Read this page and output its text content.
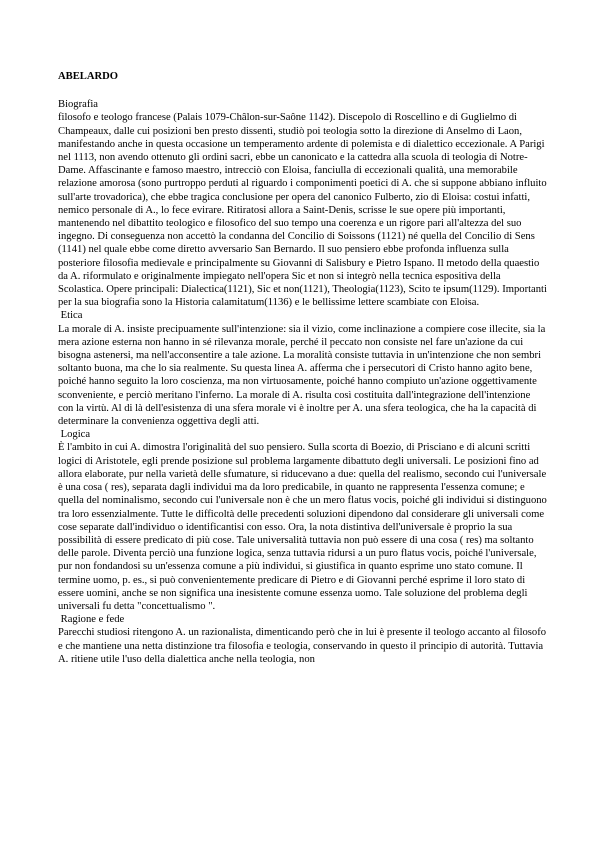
ABELARDO

Biografia

filosofo e teologo francese (Palais 1079-Châlon-sur-Saône 1142). Discepolo di Roscellino e di Guglielmo di Champeaux, dalle cui posizioni ben presto dissentì, studiò poi teologia sotto la direzione di Anselmo di Laon, manifestando anche in questa occasione un temperamento ardente di polemista e di dialettico eccezionale. A Parigi nel 1113, non avendo ottenuto gli ordini sacri, ebbe un canonicato e la cattedra alla scuola di teologia di Notre-Dame. Affascinante e famoso maestro, intrecciò con Eloisa, fanciulla di eccezionali qualità, una memorabile relazione amorosa (sono purtroppo perduti al riguardo i componimenti poetici di A. che si suppone abbiano influito sull'arte trovadorica), che ebbe tragica conclusione per opera del canonico Fulberto, zio di Eloisa: costui infatti, nemico personale di A., lo fece evirare. Ritiratosi allora a Saint-Denis, scrisse le sue opere più importanti, mantenendo nel dibattito teologico e filosofico del suo tempo una coerenza e un rigore pari all'altezza del suo ingegno. Di conseguenza non accettò la condanna del Concilio di Soissons (1121) né quella del Concilio di Sens (1141) nel quale ebbe come diretto avversario San Bernardo. Il suo pensiero ebbe profonda influenza sulla posteriore filosofia medievale e principalmente su Giovanni di Salisbury e Pietro Ispano. Il metodo della quaestio da A. riformulato e originalmente impiegato nell'opera Sic et non si integrò nella tecnica espositiva della Scolastica. Opere principali: Dialectica(1121), Sic et non(1121), Theologia(1123), Scito te ipsum(1129). Importanti per la sua biografia sono la Historia calamitatum(1136) e le bellissime lettere scambiate con Eloisa.

Etica

La morale di A. insiste precipuamente sull'intenzione: sia il vizio, come inclinazione a compiere cose illecite, sia la mera azione esterna non hanno in sé rilevanza morale, perché il peccato non consiste nel fare un'azione da cui bisogna astenersi, ma nell'acconsentire a tale azione. La moralità consiste tuttavia in un'intenzione che non sembri soltanto buona, ma che lo sia realmente. Su questa linea A. afferma che i persecutori di Cristo hanno agito bene, poiché hanno seguito la loro coscienza, ma non virtuosamente, poiché hanno compiuto un'azione oggettivamente sconveniente, e perciò meritano l'inferno. La morale di A. risulta così costituita dall'integrazione dell'intenzione con la virtù. Al di là dell'esistenza di una sfera morale vi è inoltre per A. una sfera teologica, che ha la capacità di determinare la convenienza oggettiva degli atti.

Logica

È l'ambito in cui A. dimostra l'originalità del suo pensiero. Sulla scorta di Boezio, di Prisciano e di alcuni scritti logici di Aristotele, egli prende posizione sul problema largamente dibattuto degli universali. Le posizioni fino ad allora elaborate, pur nella varietà delle sfumature, si riducevano a due: quella del realismo, secondo cui l'universale è una cosa ( res), separata dagli individui ma da loro predicabile, in quanto ne rappresenta l'essenza comune; e quella del nominalismo, secondo cui l'universale non è che un mero flatus vocis, poiché gli individui si distinguono tra loro essenzialmente. Tutte le difficoltà delle precedenti soluzioni dipendono dal considerare gli universali come cose separate dall'individuo o identificantisi con esso. Ora, la nota distintiva dell'universale è proprio la sua possibilità di essere predicato di più cose. Tale universalità tuttavia non può essere di una cosa ( res) ma soltanto delle parole. Diventa perciò una funzione logica, senza tuttavia ridursi a un puro flatus vocis, poiché l'universale, pur non fondandosi su un'essenza comune a più individui, si giustifica in quanto esprime uno stato comune. Il termine uomo, p. es., si può convenientemente predicare di Pietro e di Giovanni perché esprime il loro stato di essere uomini, anche se non significa una inesistente comune essenza uomo. Tale soluzione del problema degli universali fu detta "concettualismo ".

Ragione e fede

Parecchi studiosi ritengono A. un razionalista, dimenticando però che in lui è presente il teologo accanto al filosofo e che mantiene una netta distinzione tra filosofia e teologia, conservando in questo il principio di autorità. Tuttavia A. ritiene utile l'uso della dialettica anche nella teologia, non
